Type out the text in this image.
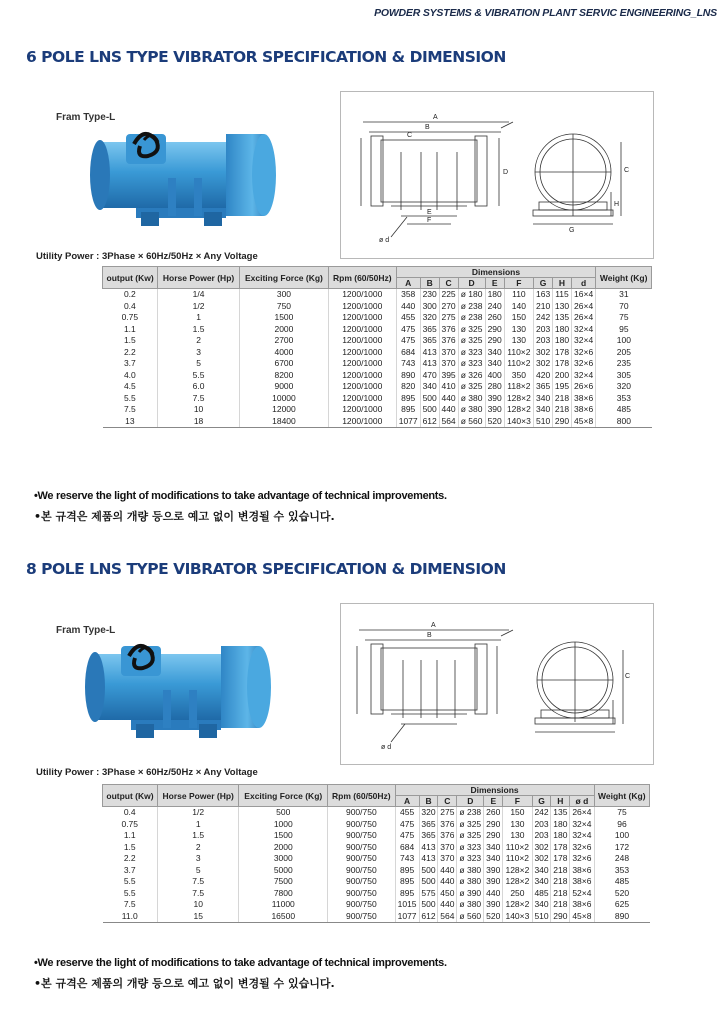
POWDER SYSTEMS & VIBRATION PLANT SERVIC ENGINEERING_LNS
6 POLE LNS TYPE VIBRATOR SPECIFICATION & DIMENSION
Fram Type-L	A
B
C
D
E
F
G
C
H
ø d
Utility Power : 3Phase × 60Hz/50Hz × Any Voltage
output (Kw)	Horse Power (Hp)	Exciting Force (Kg)	Rpm (60/50Hz)	Dimensions									Weight (Kg)
				A	B	C	D	E	F	G	H	d	
0.2	1/4	300	1200/1000	358	230	225	ø 180	180	110	163	115	16×4	31
0.4	1/2	750	1200/1000	440	300	270	ø 238	240	140	210	130	26×4	70
0.75	1	1500	1200/1000	455	320	275	ø 238	260	150	242	135	26×4	75
1.1	1.5	2000	1200/1000	475	365	376	ø 325	290	130	203	180	32×4	95
1.5	2	2700	1200/1000	475	365	376	ø 325	290	130	203	180	32×4	100
2.2	3	4000	1200/1000	684	413	370	ø 323	340	110×2	302	178	32×6	205
3.7	5	6700	1200/1000	743	413	370	ø 323	340	110×2	302	178	32×6	235
4.0	5.5	8200	1200/1000	890	470	395	ø 326	400	350	420	200	32×4	305
4.5	6.0	9000	1200/1000	820	340	410	ø 325	280	118×2	365	195	26×6	320
5.5	7.5	10000	1200/1000	895	500	440	ø 380	390	128×2	340	218	38×6	353
7.5	10	12000	1200/1000	895	500	440	ø 380	390	128×2	340	218	38×6	485
13	18	18400	1200/1000	1077	612	564	ø 560	520	140×3	510	290	45×8	800
•We reserve the light of modifications to take advantage of technical improvements.
•본 규격은 제품의 개량 등으로 예고 없이 변경될 수 있습니다.
8 POLE LNS TYPE VIBRATOR SPECIFICATION & DIMENSION
Fram Type-L	A
B
C
ø d
Utility Power : 3Phase × 60Hz/50Hz × Any Voltage
output (Kw)	Horse Power (Hp)	Exciting Force (Kg)	Rpm (60/50Hz)	Dimensions									Weight (Kg)
				A	B	C	D	E	F	G	H	ø d	
0.4	1/2	500	900/750	455	320	275	ø 238	260	150	242	135	26×4	75
0.75	1	1000	900/750	475	365	376	ø 325	290	130	203	180	32×4	96
1.1	1.5	1500	900/750	475	365	376	ø 325	290	130	203	180	32×4	100
1.5	2	2000	900/750	684	413	370	ø 323	340	110×2	302	178	32×6	172
2.2	3	3000	900/750	743	413	370	ø 323	340	110×2	302	178	32×6	248
3.7	5	5000	900/750	895	500	440	ø 380	390	128×2	340	218	38×6	353
5.5	7.5	7500	900/750	895	500	440	ø 380	390	128×2	340	218	38×6	485
5.5	7.5	7800	900/750	895	575	450	ø 390	440	250	485	218	52×4	520
7.5	10	11000	900/750	1015	500	440	ø 380	390	128×2	340	218	38×6	625
11.0	15	16500	900/750	1077	612	564	ø 560	520	140×3	510	290	45×8	890
•We reserve the light of modifications to take advantage of technical improvements.
•본 규격은 제품의 개량 등으로 예고 없이 변경될 수 있습니다.
